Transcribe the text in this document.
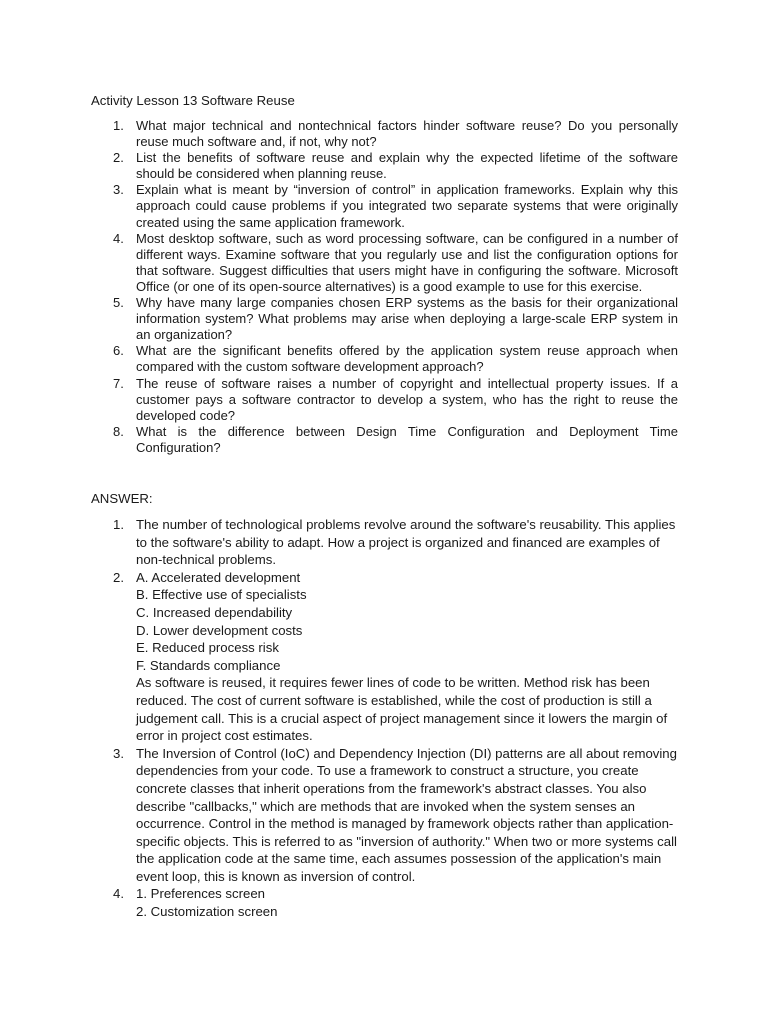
Activity Lesson 13 Software Reuse
1. What major technical and nontechnical factors hinder software reuse? Do you personally reuse much software and, if not, why not?
2. List the benefits of software reuse and explain why the expected lifetime of the software should be considered when planning reuse.
3. Explain what is meant by “inversion of control” in application frameworks. Explain why this approach could cause problems if you integrated two separate systems that were originally created using the same application framework.
4. Most desktop software, such as word processing software, can be configured in a number of different ways. Examine software that you regularly use and list the configuration options for that software. Suggest difficulties that users might have in configuring the software. Microsoft Office (or one of its open-source alternatives) is a good example to use for this exercise.
5. Why have many large companies chosen ERP systems as the basis for their organizational information system? What problems may arise when deploying a large-scale ERP system in an organization?
6. What are the significant benefits offered by the application system reuse approach when compared with the custom software development approach?
7. The reuse of software raises a number of copyright and intellectual property issues. If a customer pays a software contractor to develop a system, who has the right to reuse the developed code?
8. What is the difference between Design Time Configuration and Deployment Time Configuration?
ANSWER:
1. The number of technological problems revolve around the software's reusability. This applies to the software's ability to adapt. How a project is organized and financed are examples of non-technical problems.
2. A. Accelerated development
B. Effective use of specialists
C. Increased dependability
D. Lower development costs
E. Reduced process risk
F. Standards compliance
As software is reused, it requires fewer lines of code to be written. Method risk has been reduced. The cost of current software is established, while the cost of production is still a judgement call. This is a crucial aspect of project management since it lowers the margin of error in project cost estimates.
3. The Inversion of Control (IoC) and Dependency Injection (DI) patterns are all about removing dependencies from your code. To use a framework to construct a structure, you create concrete classes that inherit operations from the framework's abstract classes. You also describe "callbacks," which are methods that are invoked when the system senses an occurrence. Control in the method is managed by framework objects rather than application-specific objects. This is referred to as "inversion of authority." When two or more systems call the application code at the same time, each assumes possession of the application's main event loop, this is known as inversion of control.
4. 1. Preferences screen
2. Customization screen
